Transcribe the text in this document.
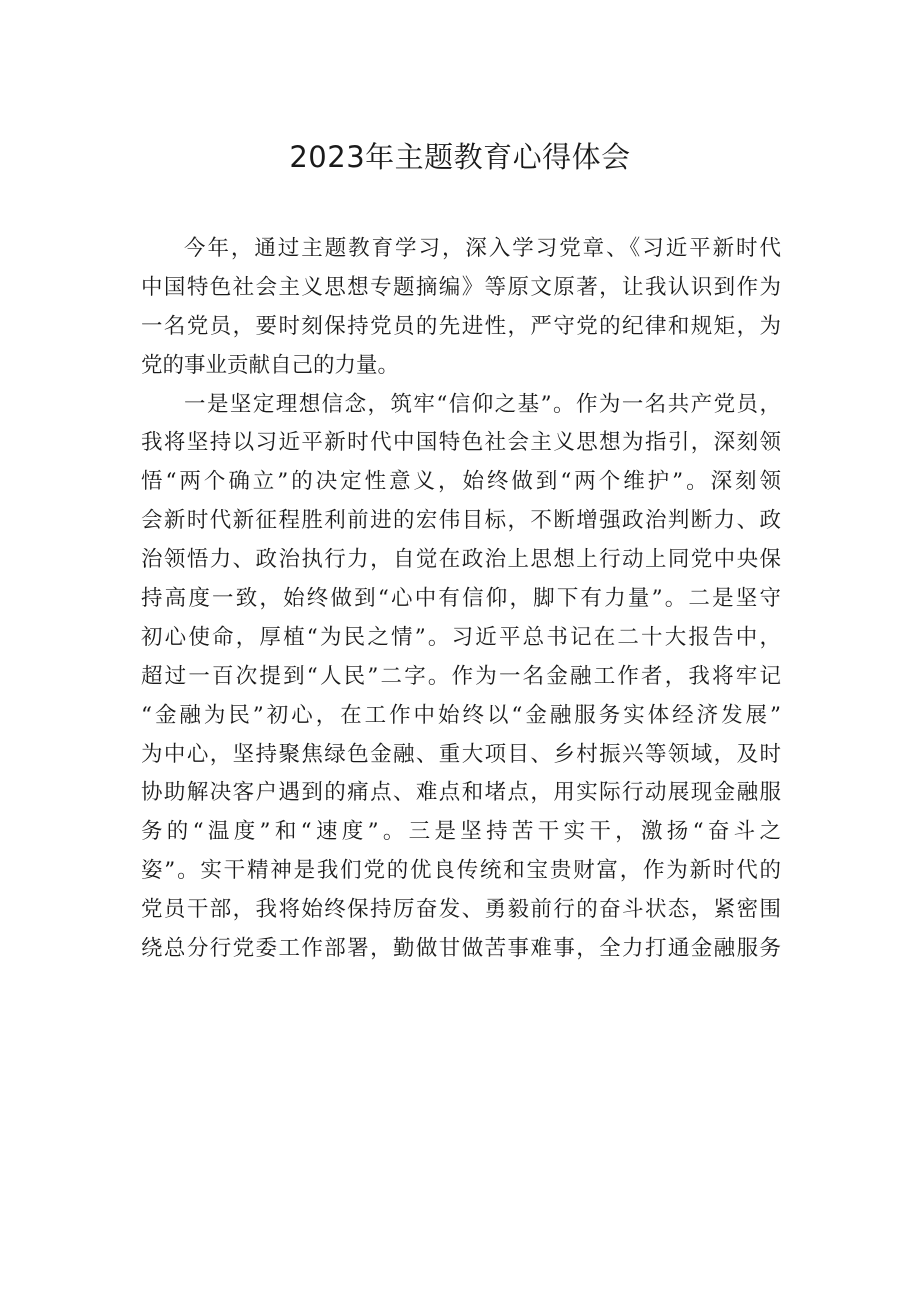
2023年主题教育心得体会
今年，通过主题教育学习，深入学习党章、《习近平新时代
中国特色社会主义思想专题摘编》等原文原著，让我认识到作为
一名党员，要时刻保持党员的先进性，严守党的纪律和规矩，为
党的事业贡献自己的力量。
一是坚定理想信念，筑牢“信仰之基”。作为一名共产党员，
我将坚持以习近平新时代中国特色社会主义思想为指引，深刻领
悟“两个确立”的决定性意义，始终做到“两个维护”。深刻领
会新时代新征程胜利前进的宏伟目标，不断增强政治判断力、政
治领悟力、政治执行力，自觉在政治上思想上行动上同党中央保
持高度一致，始终做到“心中有信仰，脚下有力量”。二是坚守
初心使命，厚植“为民之情”。习近平总书记在二十大报告中，
超过一百次提到“人民”二字。作为一名金融工作者，我将牢记
“金融为民”初心，在工作中始终以“金融服务实体经济发展”
为中心，坚持聚焦绿色金融、重大项目、乡村振兴等领域，及时
协助解决客户遇到的痛点、难点和堵点，用实际行动展现金融服
务的“温度”和“速度”。三是坚持苦干实干，激扬“奋斗之
姿”。实干精神是我们党的优良传统和宝贵财富，作为新时代的
党员干部，我将始终保持厉奋发、勇毅前行的奋斗状态，紧密围
绕总分行党委工作部署，勤做甘做苦事难事，全力打通金融服务
